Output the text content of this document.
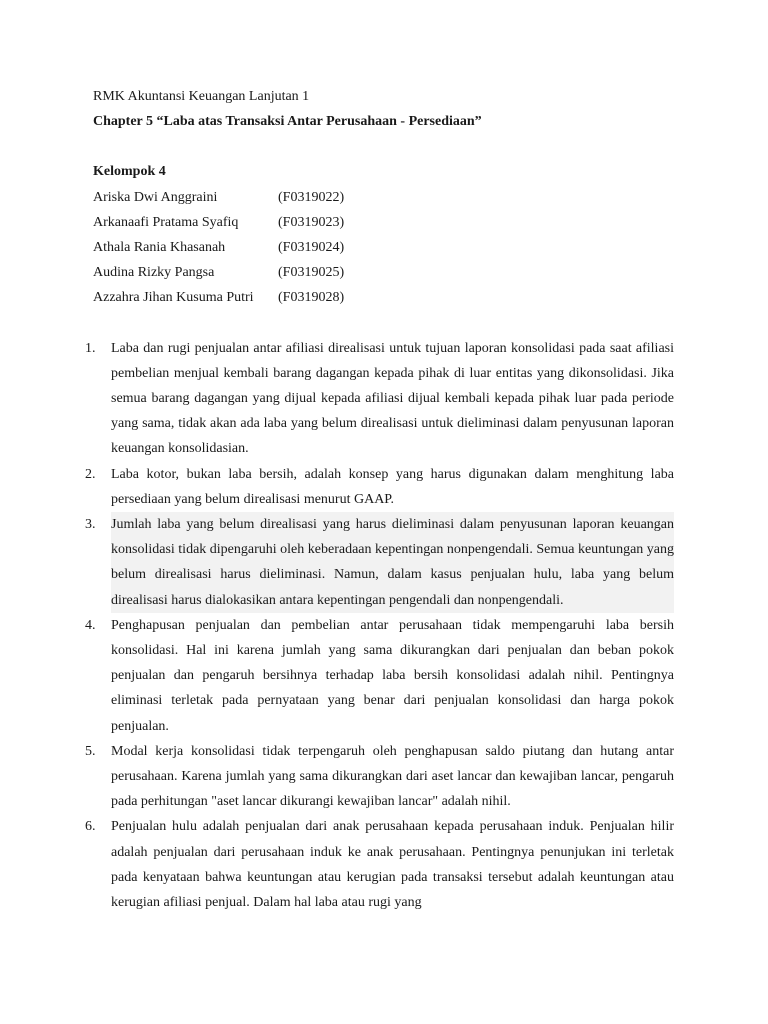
RMK Akuntansi Keuangan Lanjutan 1
Chapter 5 “Laba atas Transaksi Antar Perusahaan - Persediaan”
Kelompok 4
Ariska Dwi Anggraini	(F0319022)
Arkanaafi Pratama Syafiq	(F0319023)
Athala Rania Khasanah	(F0319024)
Audina Rizky Pangsa	(F0319025)
Azzahra Jihan Kusuma Putri	(F0319028)
1.	Laba dan rugi penjualan antar afiliasi direalisasi untuk tujuan laporan konsolidasi pada saat afiliasi pembelian menjual kembali barang dagangan kepada pihak di luar entitas yang dikonsolidasi. Jika semua barang dagangan yang dijual kepada afiliasi dijual kembali kepada pihak luar pada periode yang sama, tidak akan ada laba yang belum direalisasi untuk dieliminasi dalam penyusunan laporan keuangan konsolidasian.
2.	Laba kotor, bukan laba bersih, adalah konsep yang harus digunakan dalam menghitung laba persediaan yang belum direalisasi menurut GAAP.
3.	Jumlah laba yang belum direalisasi yang harus dieliminasi dalam penyusunan laporan keuangan konsolidasi tidak dipengaruhi oleh keberadaan kepentingan nonpengendali. Semua keuntungan yang belum direalisasi harus dieliminasi. Namun, dalam kasus penjualan hulu, laba yang belum direalisasi harus dialokasikan antara kepentingan pengendali dan nonpengendali.
4.	Penghapusan penjualan dan pembelian antar perusahaan tidak mempengaruhi laba bersih konsolidasi. Hal ini karena jumlah yang sama dikurangkan dari penjualan dan beban pokok penjualan dan pengaruh bersihnya terhadap laba bersih konsolidasi adalah nihil. Pentingnya eliminasi terletak pada pernyataan yang benar dari penjualan konsolidasi dan harga pokok penjualan.
5.	Modal kerja konsolidasi tidak terpengaruh oleh penghapusan saldo piutang dan hutang antar perusahaan. Karena jumlah yang sama dikurangkan dari aset lancar dan kewajiban lancar, pengaruh pada perhitungan "aset lancar dikurangi kewajiban lancar" adalah nihil.
6.	Penjualan hulu adalah penjualan dari anak perusahaan kepada perusahaan induk. Penjualan hilir adalah penjualan dari perusahaan induk ke anak perusahaan. Pentingnya penunjukan ini terletak pada kenyataan bahwa keuntungan atau kerugian pada transaksi tersebut adalah keuntungan atau kerugian afiliasi penjual. Dalam hal laba atau rugi yang
